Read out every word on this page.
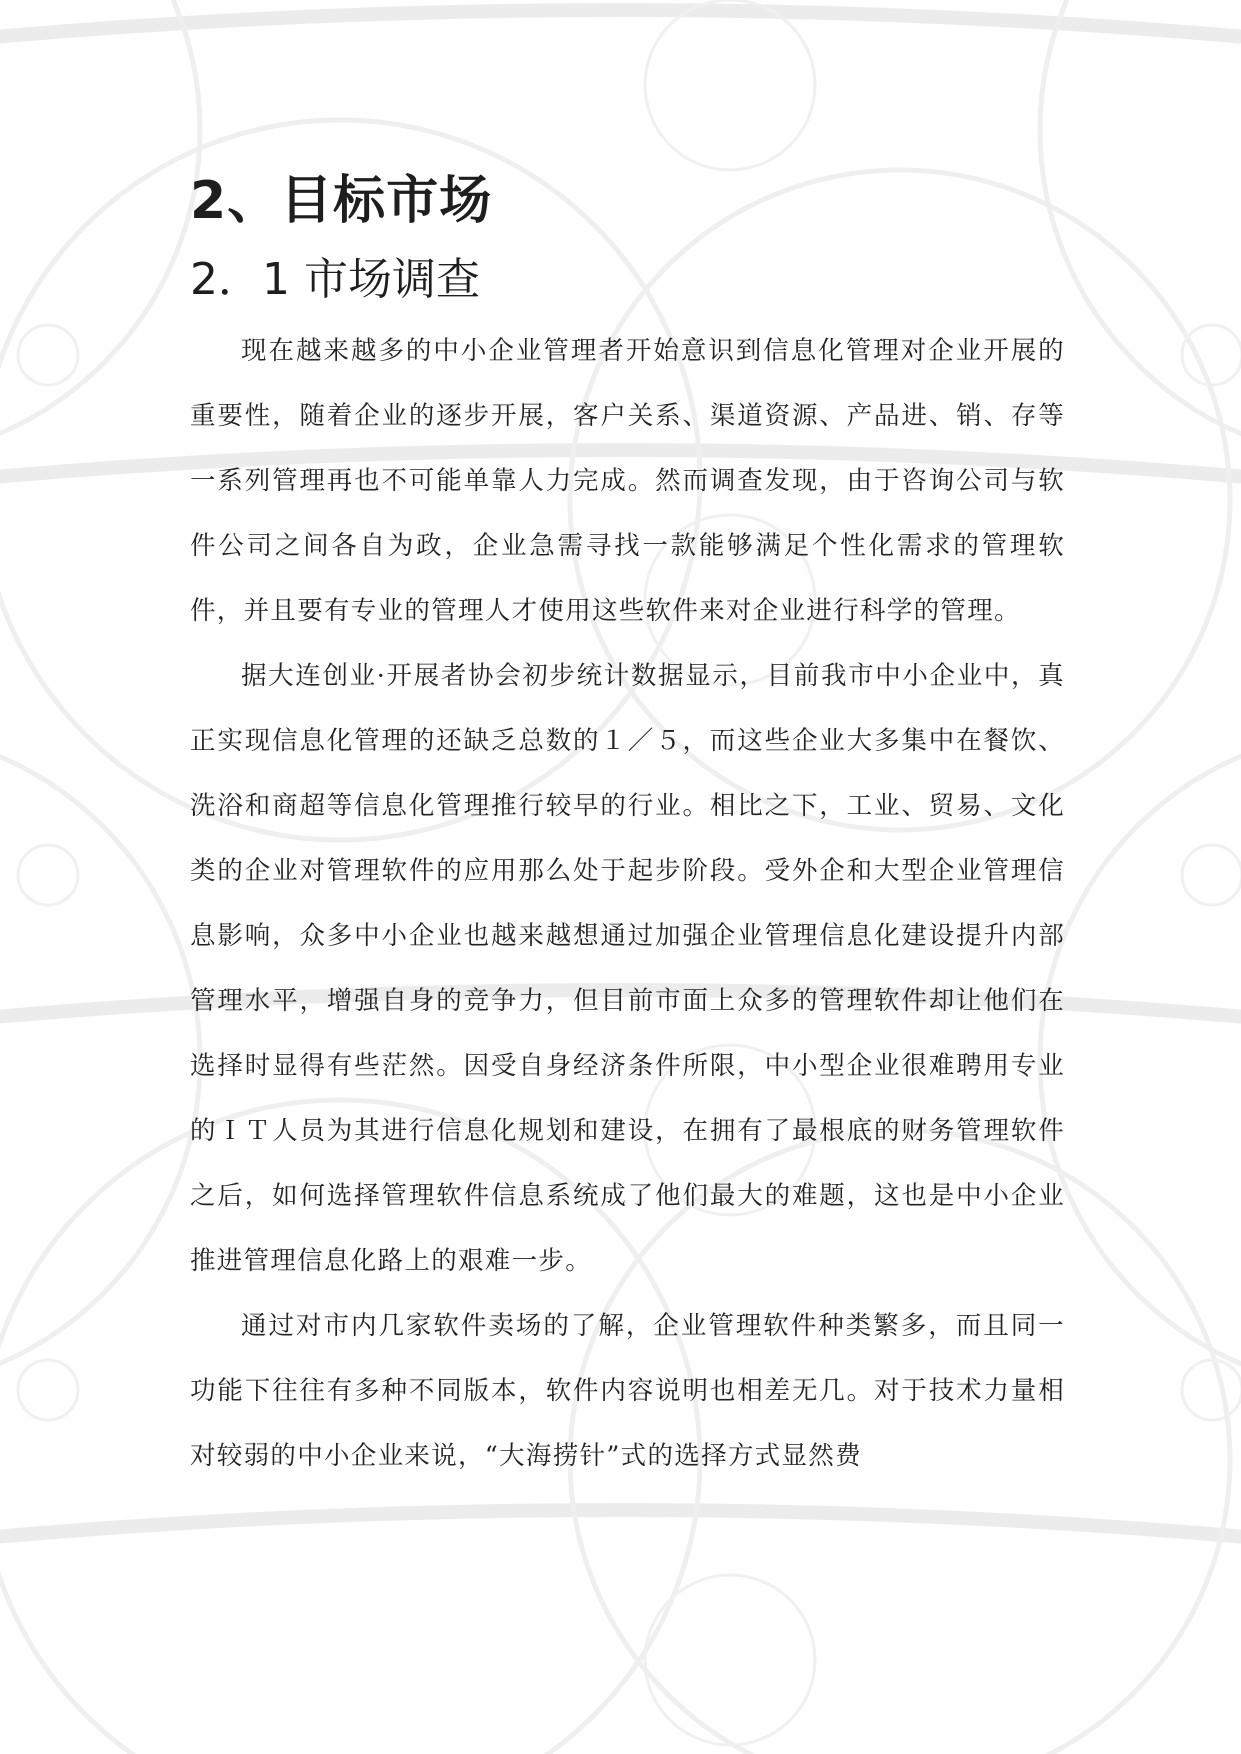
2、目标市场
2．1 市场调查

现在越来越多的中小企业管理者开始意识到信息化管理对企业开展的重要性，随着企业的逐步开展，客户关系、渠道资源、产品进、销、存等一系列管理再也不可能单靠人力完成。然而调查发现，由于咨询公司与软件公司之间各自为政，企业急需寻找一款能够满足个性化需求的管理软件，并且要有专业的管理人才使用这些软件来对企业进行科学的管理。

据大连创业·开展者协会初步统计数据显示，目前我市中小企业中，真正实现信息化管理的还缺乏总数的１／５，而这些企业大多集中在餐饮、洗浴和商超等信息化管理推行较早的行业。相比之下，工业、贸易、文化类的企业对管理软件的应用那么处于起步阶段。受外企和大型企业管理信息影响，众多中小企业也越来越想通过加强企业管理信息化建设提升内部管理水平，增强自身的竞争力，但目前市面上众多的管理软件却让他们在选择时显得有些茫然。因受自身经济条件所限，中小型企业很难聘用专业的ＩＴ人员为其进行信息化规划和建设，在拥有了最根底的财务管理软件之后，如何选择管理软件信息系统成了他们最大的难题，这也是中小企业推进管理信息化路上的艰难一步。

通过对市内几家软件卖场的了解，企业管理软件种类繁多，而且同一功能下往往有多种不同版本，软件内容说明也相差无几。对于技术力量相对较弱的中小企业来说，“大海捞针”式的选择方式显然费
